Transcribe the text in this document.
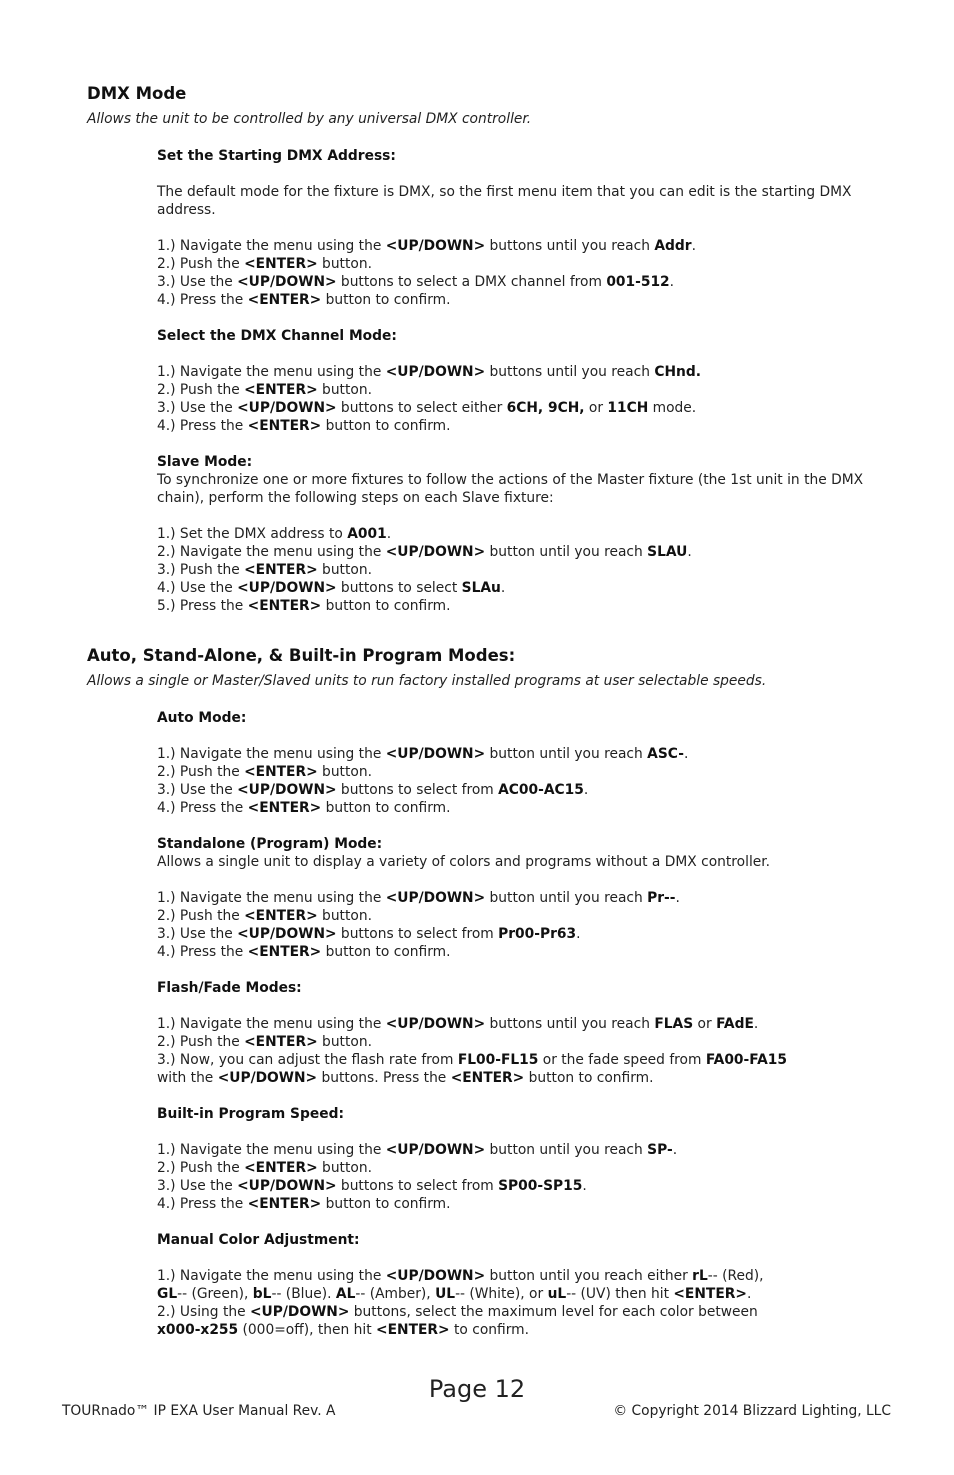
DMX Mode
Allows the unit to be controlled by any universal DMX controller.
Set the Starting DMX Address:
The default mode for the fixture is DMX, so the first menu item that you can edit is the starting DMX address.
1.) Navigate the menu using the <UP/DOWN> buttons until you reach Addr.
2.) Push the <ENTER> button.
3.) Use the <UP/DOWN> buttons to select a DMX channel from 001-512.
4.) Press the <ENTER> button to confirm.
Select the DMX Channel Mode:
1.) Navigate the menu using the <UP/DOWN> buttons until you reach CHnd.
2.) Push the <ENTER> button.
3.) Use the <UP/DOWN> buttons to select either 6CH, 9CH, or 11CH mode.
4.) Press the <ENTER> button to confirm.
Slave Mode:
To synchronize one or more fixtures to follow the actions of the Master fixture (the 1st unit in the DMX chain), perform the following steps on each Slave fixture:
1.) Set the DMX address to A001.
2.) Navigate the menu using the <UP/DOWN> button until you reach SLAU.
3.) Push the <ENTER> button.
4.) Use the <UP/DOWN> buttons to select SLAu.
5.) Press the <ENTER> button to confirm.
Auto, Stand-Alone, & Built-in Program Modes:
Allows a single or Master/Slaved units to run factory installed programs at user selectable speeds.
Auto Mode:
1.) Navigate the menu using the <UP/DOWN> button until you reach ASC-.
2.) Push the <ENTER> button.
3.) Use the <UP/DOWN> buttons to select from AC00-AC15.
4.) Press the <ENTER> button to confirm.
Standalone (Program) Mode:
Allows a single unit to display a variety of colors and programs without a DMX controller.
1.) Navigate the menu using the <UP/DOWN> button until you reach Pr--.
2.) Push the <ENTER> button.
3.) Use the <UP/DOWN> buttons to select from Pr00-Pr63.
4.) Press the <ENTER> button to confirm.
Flash/Fade Modes:
1.) Navigate the menu using the <UP/DOWN> buttons until you reach FLAS or FAdE.
2.) Push the <ENTER> button.
3.) Now, you can adjust the flash rate from FL00-FL15 or the fade speed from FA00-FA15
with the <UP/DOWN> buttons. Press the <ENTER> button to confirm.
Built-in Program Speed:
1.) Navigate the menu using the <UP/DOWN> button until you reach SP-.
2.) Push the <ENTER> button.
3.) Use the <UP/DOWN> buttons to select from SP00-SP15.
4.) Press the <ENTER> button to confirm.
Manual Color Adjustment:
1.) Navigate the menu using the <UP/DOWN> button until you reach either rL-- (Red),
GL-- (Green), bL-- (Blue). AL-- (Amber), UL-- (White), or uL-- (UV) then hit <ENTER>.
2.) Using the <UP/DOWN> buttons, select the maximum level for each color between
x000-x255 (000=off), then hit <ENTER> to confirm.
Page 12
TOURnado™ IP EXA User Manual Rev. A	© Copyright 2014 Blizzard Lighting, LLC
